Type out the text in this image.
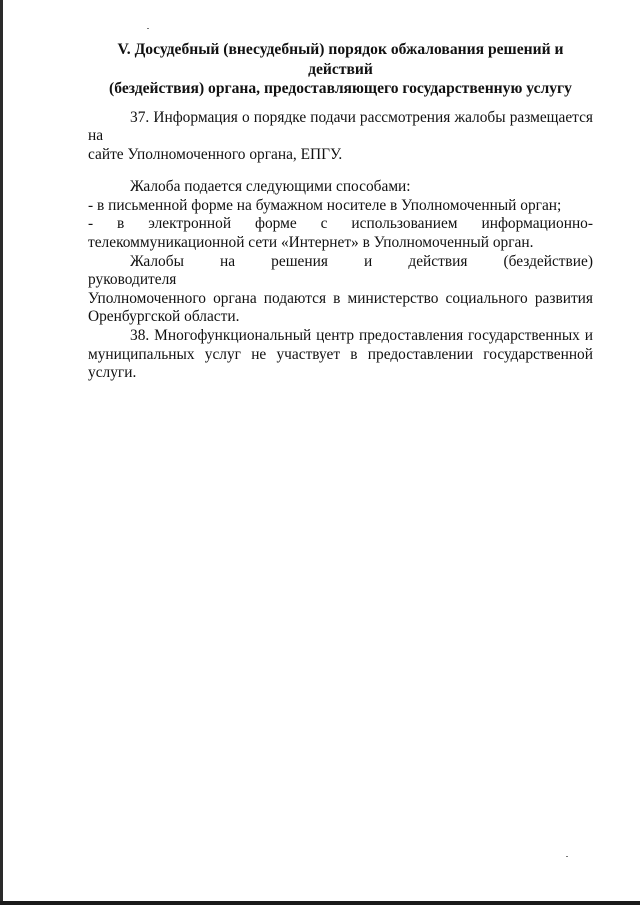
V. Досудебный (внесудебный) порядок обжалования решений и действий
(бездействия) органа, предоставляющего государственную услугу
37. Информация о порядке подачи рассмотрения жалобы размещается на
сайте Уполномоченного органа, ЕПГУ.
Жалоба подается следующими способами:
- в письменной форме на бумажном носителе в Уполномоченный орган;
-     в     электронной     форме     с     использованием     информационно-
телекоммуникационной сети «Интернет» в Уполномоченный орган.
Жалобы на решения и действия (бездействие) руководителя
Уполномоченного органа подаются в министерство социального развития
Оренбургской области.
38. Многофункциональный центр предоставления государственных и
муниципальных услуг не участвует в предоставлении государственной услуги.
